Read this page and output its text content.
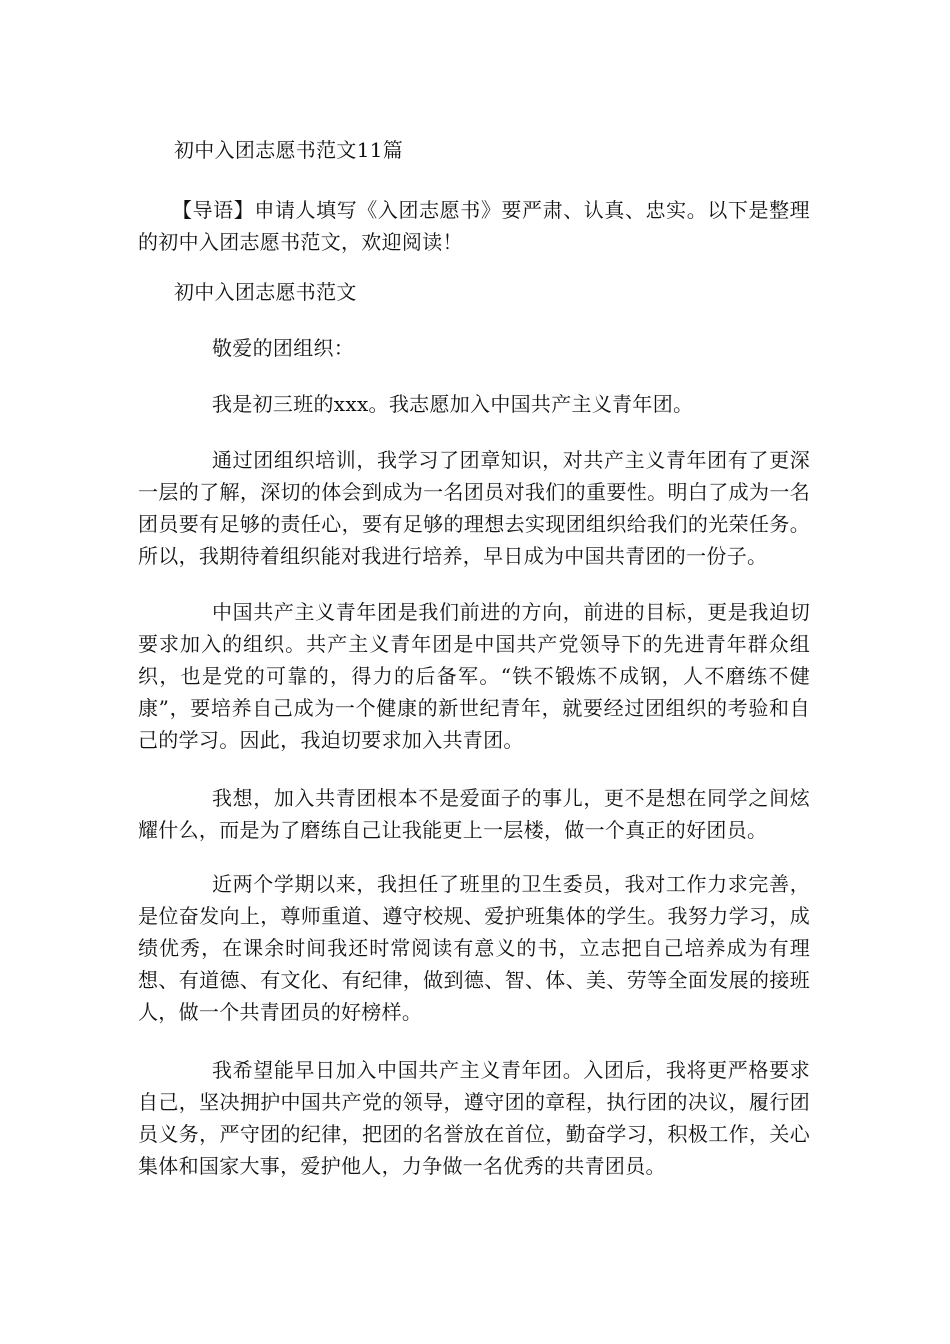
初中入团志愿书范文11篇
【导语】申请人填写《入团志愿书》要严肃、认真、忠实。以下是整理的初中入团志愿书范文，欢迎阅读！
初中入团志愿书范文
敬爱的团组织：
我是初三班的xxx。我志愿加入中国共产主义青年团。
通过团组织培训，我学习了团章知识，对共产主义青年团有了更深一层的了解，深切的体会到成为一名团员对我们的重要性。明白了成为一名团员要有足够的责任心，要有足够的理想去实现团组织给我们的光荣任务。所以，我期待着组织能对我进行培养，早日成为中国共青团的一份子。
中国共产主义青年团是我们前进的方向，前进的目标，更是我迫切要求加入的组织。共产主义青年团是中国共产党领导下的先进青年群众组织，也是党的可靠的，得力的后备军。“铁不锻炼不成钢，人不磨练不健康”，要培养自己成为一个健康的新世纪青年，就要经过团组织的考验和自己的学习。因此，我迫切要求加入共青团。
我想，加入共青团根本不是爱面子的事儿，更不是想在同学之间炫耀什么，而是为了磨练自己让我能更上一层楼，做一个真正的好团员。
近两个学期以来，我担任了班里的卫生委员，我对工作力求完善，是位奋发向上，尊师重道、遵守校规、爱护班集体的学生。我努力学习，成绩优秀，在课余时间我还时常阅读有意义的书，立志把自己培养成为有理想、有道德、有文化、有纪律，做到德、智、体、美、劳等全面发展的接班人，做一个共青团员的好榜样。
我希望能早日加入中国共产主义青年团。入团后，我将更严格要求自己，坚决拥护中国共产党的领导，遵守团的章程，执行团的决议，履行团员义务，严守团的纪律，把团的名誉放在首位，勤奋学习，积极工作，关心集体和国家大事，爱护他人，力争做一名优秀的共青团员。
